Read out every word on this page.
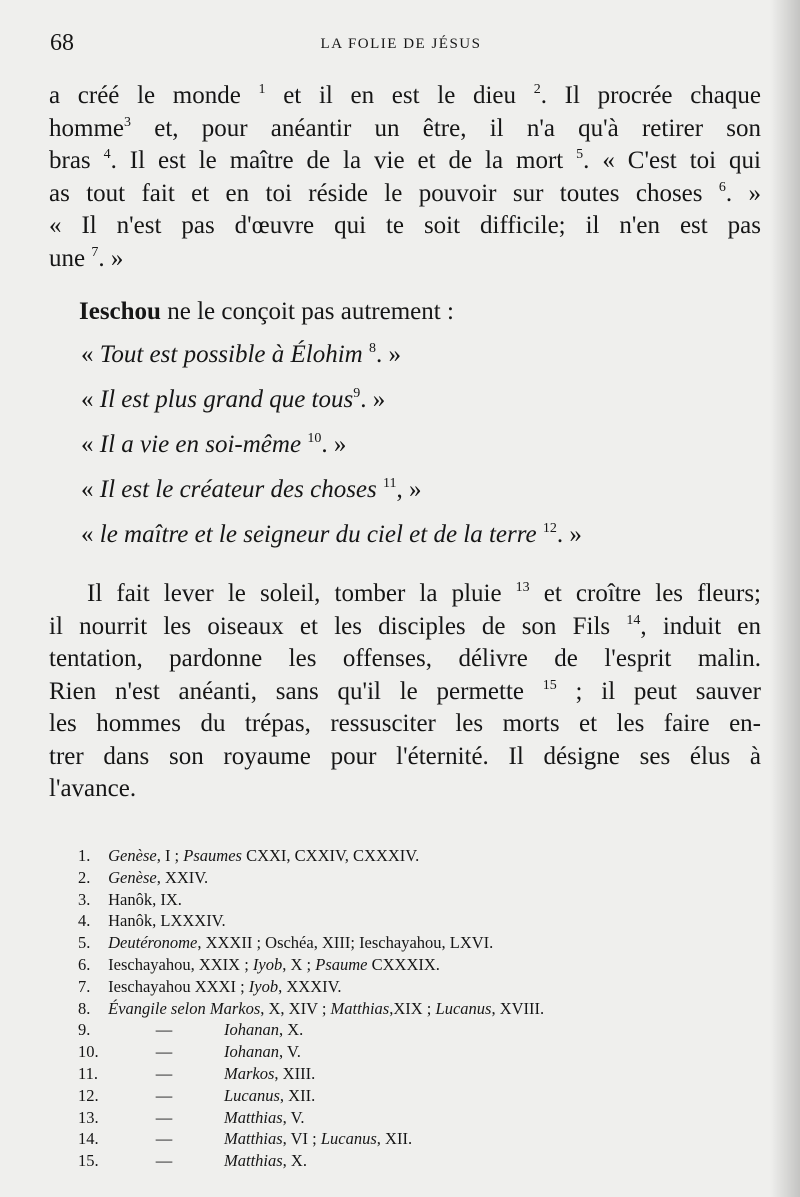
68	LA FOLIE DE JÉSUS
a créé le monde $^1$ et il en est le dieu $^2$. Il procrée chaque
homme$^3$ et, pour anéantir un être, il n'a qu'à retirer son
bras $^4$. Il est le maître de la vie et de la mort $^5$. « C'est toi qui
as tout fait et en toi réside le pouvoir sur toutes choses $^6$. »
« Il n'est pas d'œuvre qui te soit difficile; il n'en est pas
une $^7$. »
Ieschou ne le conçoit pas autrement :
« Tout est possible à Élohim $^8$. »
« Il est plus grand que tous$^9$. »
« Il a vie en soi-même $^{10}$. »
« Il est le créateur des choses $^{11}$, »
« le maître et le seigneur du ciel et de la terre $^{12}$. »
Il fait lever le soleil, tomber la pluie $^{13}$ et croître les fleurs;
il nourrit les oiseaux et les disciples de son Fils $^{14}$, induit en
tentation, pardonne les offenses, délivre de l'esprit malin.
Rien n'est anéanti, sans qu'il le permette $^{15}$ ; il peut sauver
les hommes du trépas, ressusciter les morts et les faire en-
trer dans son royaume pour l'éternité. Il désigne ses élus à
l'avance.
1. Genèse, I ; Psaumes CXXI, CXXIV, CXXXIV.
2. Genèse, XXIV.
3. Hanôk, IX.
4. Hanôk, LXXXIV.
5. Deutéronome, XXXII ; Oschéa, XIII; Ieschayahou, LXVI.
6. Ieschayahou, XXIX ; Iyob, X ; Psaume CXXXIX.
7. Ieschayahou XXXI ; Iyob, XXXIV.
8. Évangile selon Markos, X, XIV ; Matthias,XIX ; Lucanus, XVIII.
9.	—	Iohanan, X.
10.	—	Iohanan, V.
11.	—	Markos, XIII.
12.	—	Lucanus, XII.
13.	—	Matthias, V.
14.	—	Matthias, VI ; Lucanus, XII.
15.	—	Matthias, X.
